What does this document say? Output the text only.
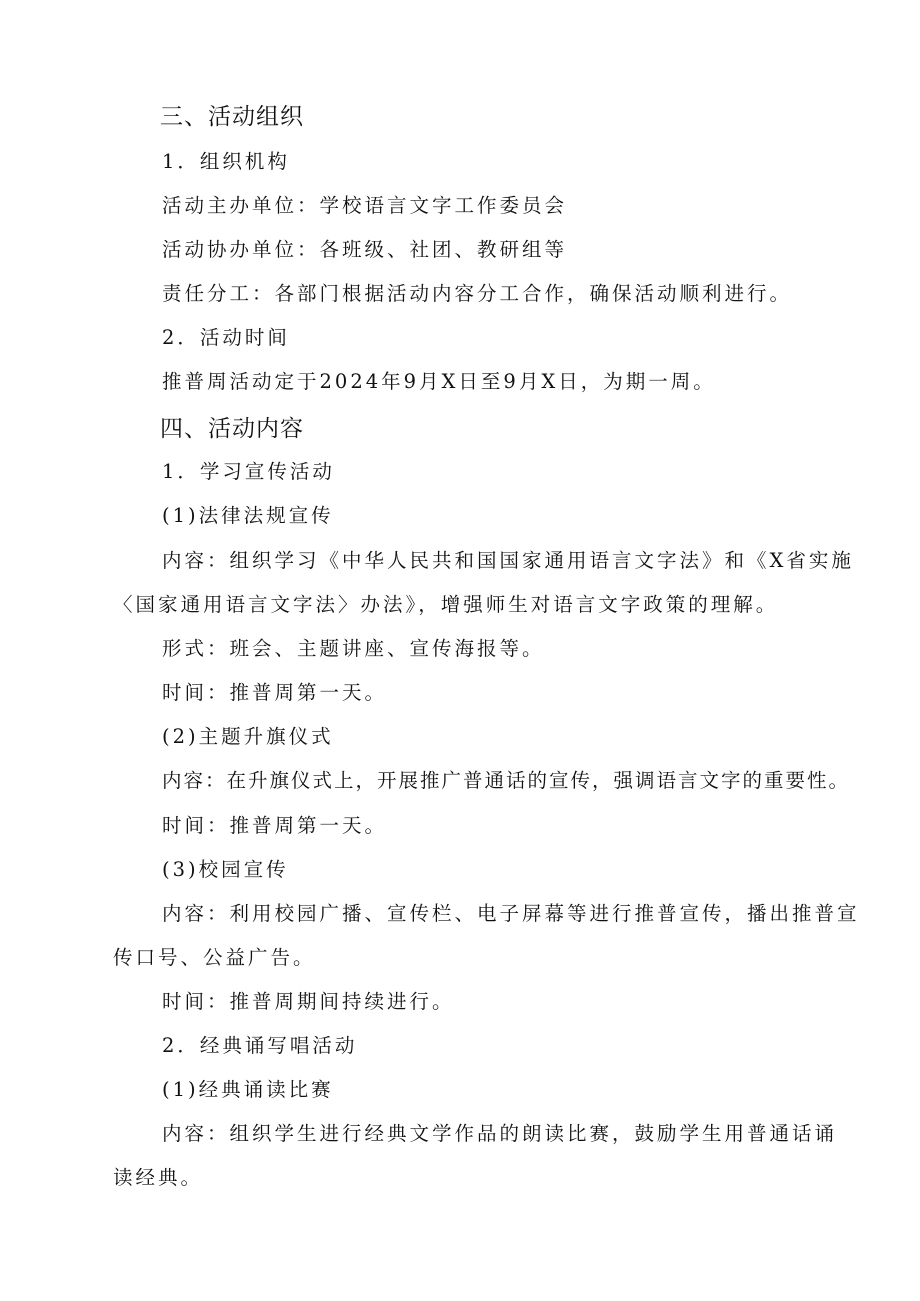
三、活动组织
1．组织机构
活动主办单位：学校语言文字工作委员会
活动协办单位：各班级、社团、教研组等
责任分工：各部门根据活动内容分工合作，确保活动顺利进行。
2．活动时间
推普周活动定于2024年9月X日至9月X日，为期一周。
四、活动内容
1．学习宣传活动
(1)法律法规宣传
内容：组织学习《中华人民共和国国家通用语言文字法》和《X省实施
〈国家通用语言文字法〉办法》，增强师生对语言文字政策的理解。
形式：班会、主题讲座、宣传海报等。
时间：推普周第一天。
(2)主题升旗仪式
内容：在升旗仪式上，开展推广普通话的宣传，强调语言文字的重要性。
时间：推普周第一天。
(3)校园宣传
内容：利用校园广播、宣传栏、电子屏幕等进行推普宣传，播出推普宣
传口号、公益广告。
时间：推普周期间持续进行。
2．经典诵写唱活动
(1)经典诵读比赛
内容：组织学生进行经典文学作品的朗读比赛，鼓励学生用普通话诵
读经典。
